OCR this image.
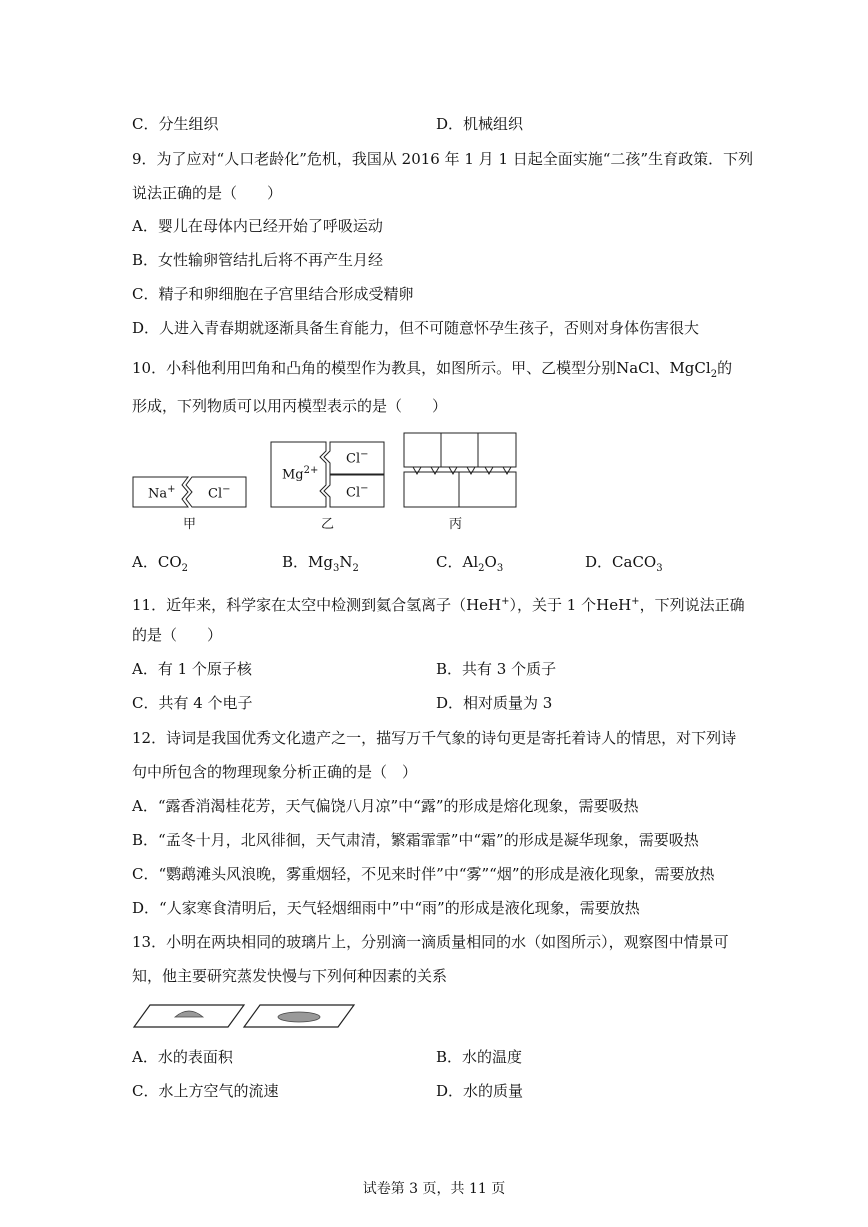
C．分生组织	D．机械组织
9．为了应对“人口老龄化”危机，我国从 2016 年 1 月 1 日起全面实施“二孩”生育政策．下列
说法正确的是（　　）
A．婴儿在母体内已经开始了呼吸运动
B．女性输卵管结扎后将不再产生月经
C．精子和卵细胞在子宫里结合形成受精卵
D．人进入青春期就逐渐具备生育能力，但不可随意怀孕生孩子，否则对身体伤害很大
10．小科他利用凹角和凸角的模型作为教具，如图所示。甲、乙模型分别NaCl、MgCl$_2$的
形成，下列物质可以用丙模型表示的是（　　）
Na+ Cl−
甲
$Mg^{2+}$
Cl−
Cl−
乙	丙
A．$CO_2$	B．$Mg_3N_2$	C．$Al_2O_3$	D．CaCO$_3$
11．近年来，科学家在太空中检测到氦合氢离子（HeH+），关于 1 个HeH+，下列说法正确
的是（　　）
A．有 1 个原子核	B．共有 3 个质子
C．共有 4 个电子	D．相对质量为 3
12．诗词是我国优秀文化遗产之一，描写万千气象的诗句更是寄托着诗人的情思，对下列诗
句中所包含的物理现象分析正确的是（　）
A．“露香消渴桂花芳，天气偏饶八月凉”中“露”的形成是熔化现象，需要吸热
B．“孟冬十月，北风徘徊，天气肃清，繁霜霏霏”中“霜”的形成是凝华现象，需要吸热
C．“鹦鹉滩头风浪晚，雾重烟轻，不见来时伴”中“雾”“烟”的形成是液化现象，需要放热
D．“人家寒食清明后，天气轻烟细雨中”中“雨”的形成是液化现象，需要放热
13．小明在两块相同的玻璃片上，分别滴一滴质量相同的水（如图所示），观察图中情景可
知，他主要研究蒸发快慢与下列何种因素的关系
A．水的表面积	B．水的温度
C．水上方空气的流速	D．水的质量
试卷第 3 页，共 11 页
